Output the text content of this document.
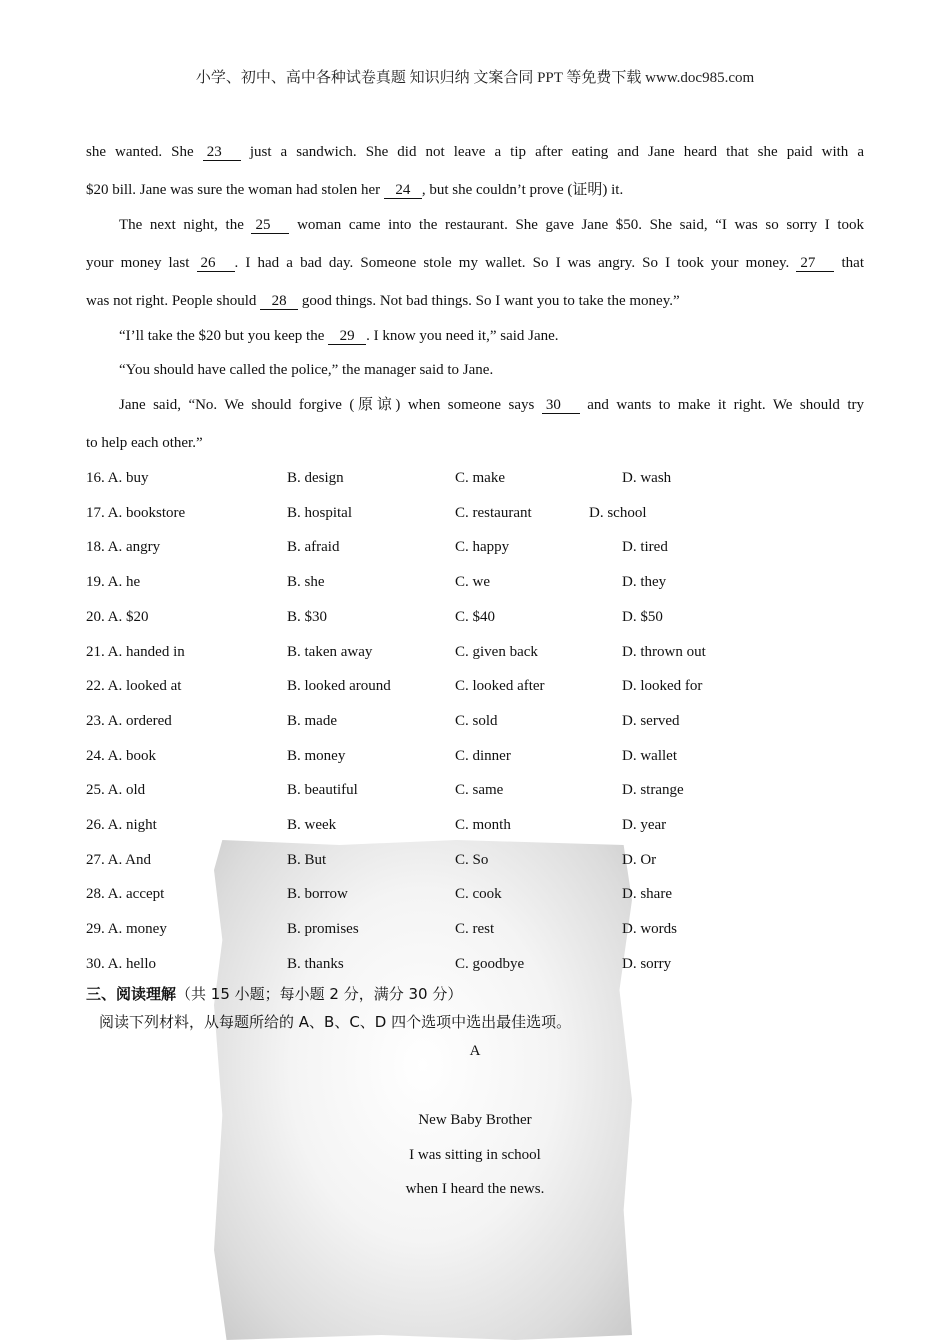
小学、初中、高中各种试卷真题 知识归纳 文案合同 PPT 等免费下载 www.doc985.com
she wanted. She 23 just a sandwich. She did not leave a tip after eating and Jane heard that she paid with a
$20 bill. Jane was sure the woman had stolen her 24 , but she couldn’t prove (证明) it.
The next night, the 25 woman came into the restaurant. She gave Jane $50. She said, “I was so sorry I took
your money last 26 . I had a bad day. Someone stole my wallet. So I was angry. So I took your money. 27 that
was not right. People should 28 good things. Not bad things. So I want you to take the money.”
“I’ll take the $20 but you keep the 29 . I know you need it,” said Jane.
“You should have called the police,” the manager said to Jane.
Jane said, “No. We should forgive (原谅) when someone says 30 and wants to make it right. We should try
to help each other.”
16. A. buy	B. design	C. make	D. wash
17. A. bookstore	B. hospital	C. restaurant	D. school
18. A. angry	B. afraid	C. happy	D. tired
19. A. he	B. she	C. we	D. they
20. A. $20	B. $30	C. $40	D. $50
21. A. handed in	B. taken away	C. given back	D. thrown out
22. A. looked at	B. looked around	C. looked after	D. looked for
23. A. ordered	B. made	C. sold	D. served
24. A. book	B. money	C. dinner	D. wallet
25. A. old	B. beautiful	C. same	D. strange
26. A. night	B. week	C. month	D. year
27. A. And	B. But	C. So	D. Or
28. A. accept	B. borrow	C. cook	D. share
29. A. money	B. promises	C. rest	D. words
30. A. hello	B. thanks	C. goodbye	D. sorry
三、阅读理解（共 15 小题；每小题 2 分，满分 30 分）
阅读下列材料，从每题所给的 A、B、C、D 四个选项中选出最佳选项。
A
New Baby Brother
I was sitting in school
when I heard the news.
